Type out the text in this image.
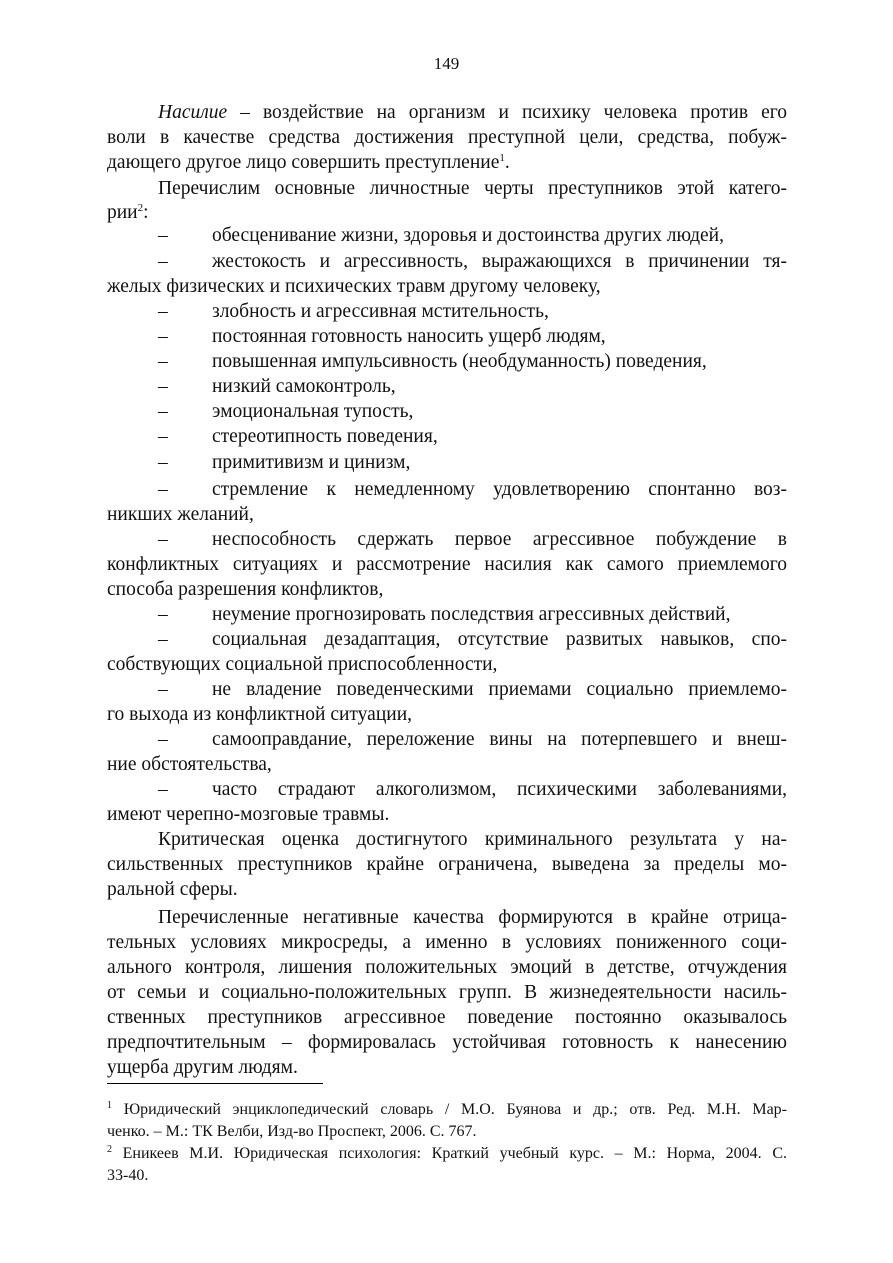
149
Насилие – воздействие на организм и психику человека против его
воли в качестве средства достижения преступной цели, средства, побуж-
дающего другое лицо совершить преступление$^1$.
Перечислим основные личностные черты преступников этой катего-
рии$^2$:
– обесценивание жизни, здоровья и достоинства других людей,
– жестокость и агрессивность, выражающихся в причинении тя-
желых физических и психических травм другому человеку,
– злобность и агрессивная мстительность,
– постоянная готовность наносить ущерб людям,
– повышенная импульсивность (необдуманность) поведения,
– низкий самоконтроль,
– эмоциональная тупость,
– стереотипность поведения,
– примитивизм и цинизм,
– стремление к немедленному удовлетворению спонтанно воз-
никших желаний,
– неспособность сдержать первое агрессивное побуждение в
конфликтных ситуациях и рассмотрение насилия как самого приемлемого
способа разрешения конфликтов,
– неумение прогнозировать последствия агрессивных действий,
– социальная дезадаптация, отсутствие развитых навыков, спо-
собствующих социальной приспособленности,
– не владение поведенческими приемами социально приемлемо-
го выхода из конфликтной ситуации,
– самооправдание, переложение вины на потерпевшего и внеш-
ние обстоятельства,
– часто страдают алкоголизмом, психическими заболеваниями,
имеют черепно-мозговые травмы.
Критическая оценка достигнутого криминального результата у на-
сильственных преступников крайне ограничена, выведена за пределы мо-
ральной сферы.
Перечисленные негативные качества формируются в крайне отрица-
тельных условиях микросреды, а именно в условиях пониженного соци-
ального контроля, лишения положительных эмоций в детстве, отчуждения
от семьи и социально-положительных групп. В жизнедеятельности насиль-
ственных преступников агрессивное поведение постоянно оказывалось
предпочтительным – формировалась устойчивая готовность к нанесению
ущерба другим людям.
$^1$ Юридический энциклопедический словарь / М.О. Буянова и др.; отв. Ред. М.Н. Мар-
ченко. – М.: ТК Велби, Изд-во Проспект, 2006. С. 767.
$^2$ Еникеев М.И. Юридическая психология: Краткий учебный курс. – М.: Норма, 2004. С.
33-40.
